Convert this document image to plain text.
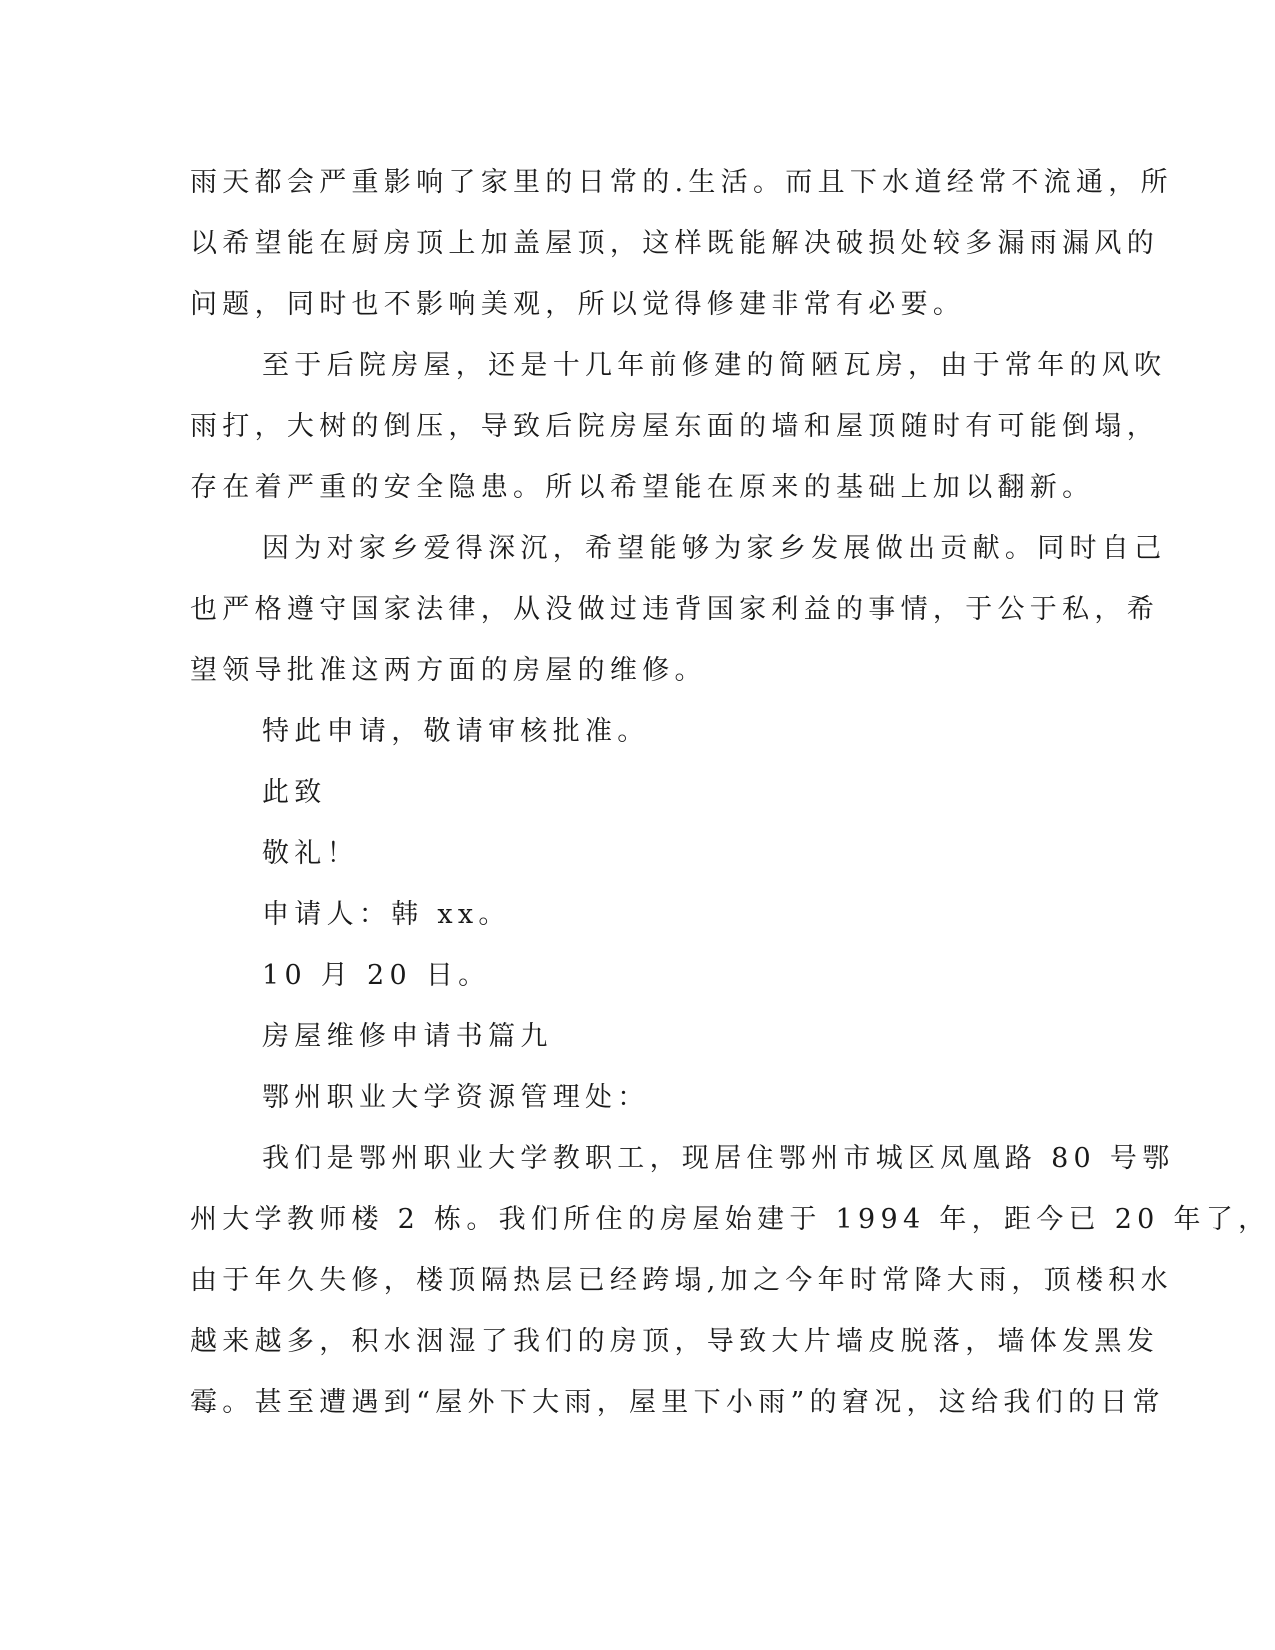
雨天都会严重影响了家里的日常的.生活。而且下水道经常不流通，所
以希望能在厨房顶上加盖屋顶，这样既能解决破损处较多漏雨漏风的
问题，同时也不影响美观，所以觉得修建非常有必要。
至于后院房屋，还是十几年前修建的简陋瓦房，由于常年的风吹
雨打，大树的倒压，导致后院房屋东面的墙和屋顶随时有可能倒塌，
存在着严重的安全隐患。所以希望能在原来的基础上加以翻新。
因为对家乡爱得深沉，希望能够为家乡发展做出贡献。同时自己
也严格遵守国家法律，从没做过违背国家利益的事情，于公于私，希
望领导批准这两方面的房屋的维修。
特此申请，敬请审核批准。
此致
敬礼！
申请人：韩 xx。
10 月 20 日。
房屋维修申请书篇九
鄂州职业大学资源管理处：
我们是鄂州职业大学教职工，现居住鄂州市城区凤凰路 80 号鄂
州大学教师楼 2 栋。我们所住的房屋始建于 1994 年，距今已 20 年了，
由于年久失修，楼顶隔热层已经跨塌,加之今年时常降大雨，顶楼积水
越来越多，积水洇湿了我们的房顶，导致大片墙皮脱落，墙体发黑发
霉。甚至遭遇到“屋外下大雨，屋里下小雨”的窘况，这给我们的日常
